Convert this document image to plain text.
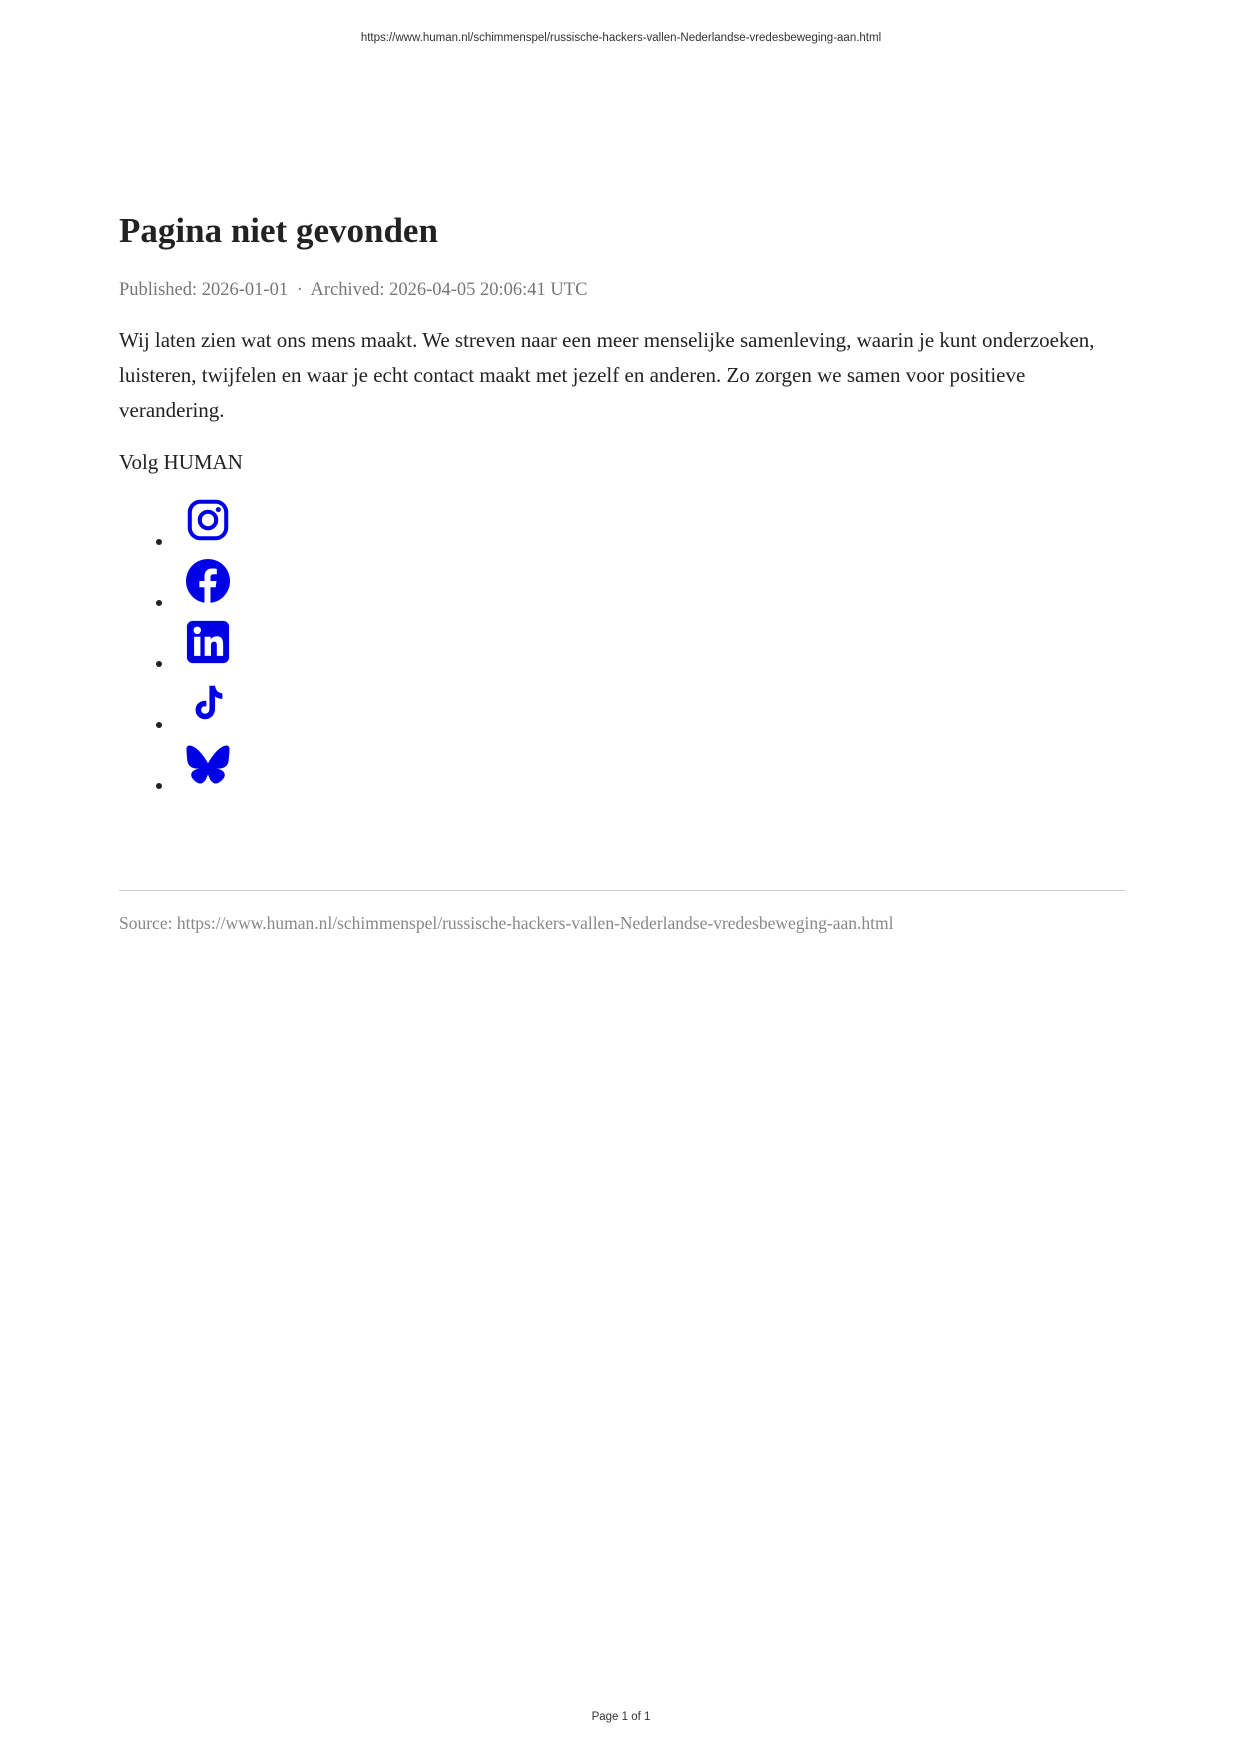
https://www.human.nl/schimmenspel/russische-hackers-vallen-Nederlandse-vredesbeweging-aan.html
Pagina niet gevonden
Published: 2026-01-01 · Archived: 2026-04-05 20:06:41 UTC

Wij laten zien wat ons mens maakt. We streven naar een meer menselijke samenleving, waarin je kunt onderzoeken, luisteren, twijfelen en waar je echt contact maakt met jezelf en anderen. Zo zorgen we samen voor positieve verandering.

Volg HUMAN
Source: https://www.human.nl/schimmenspel/russische-hackers-vallen-Nederlandse-vredesbeweging-aan.html
Page 1 of 1
